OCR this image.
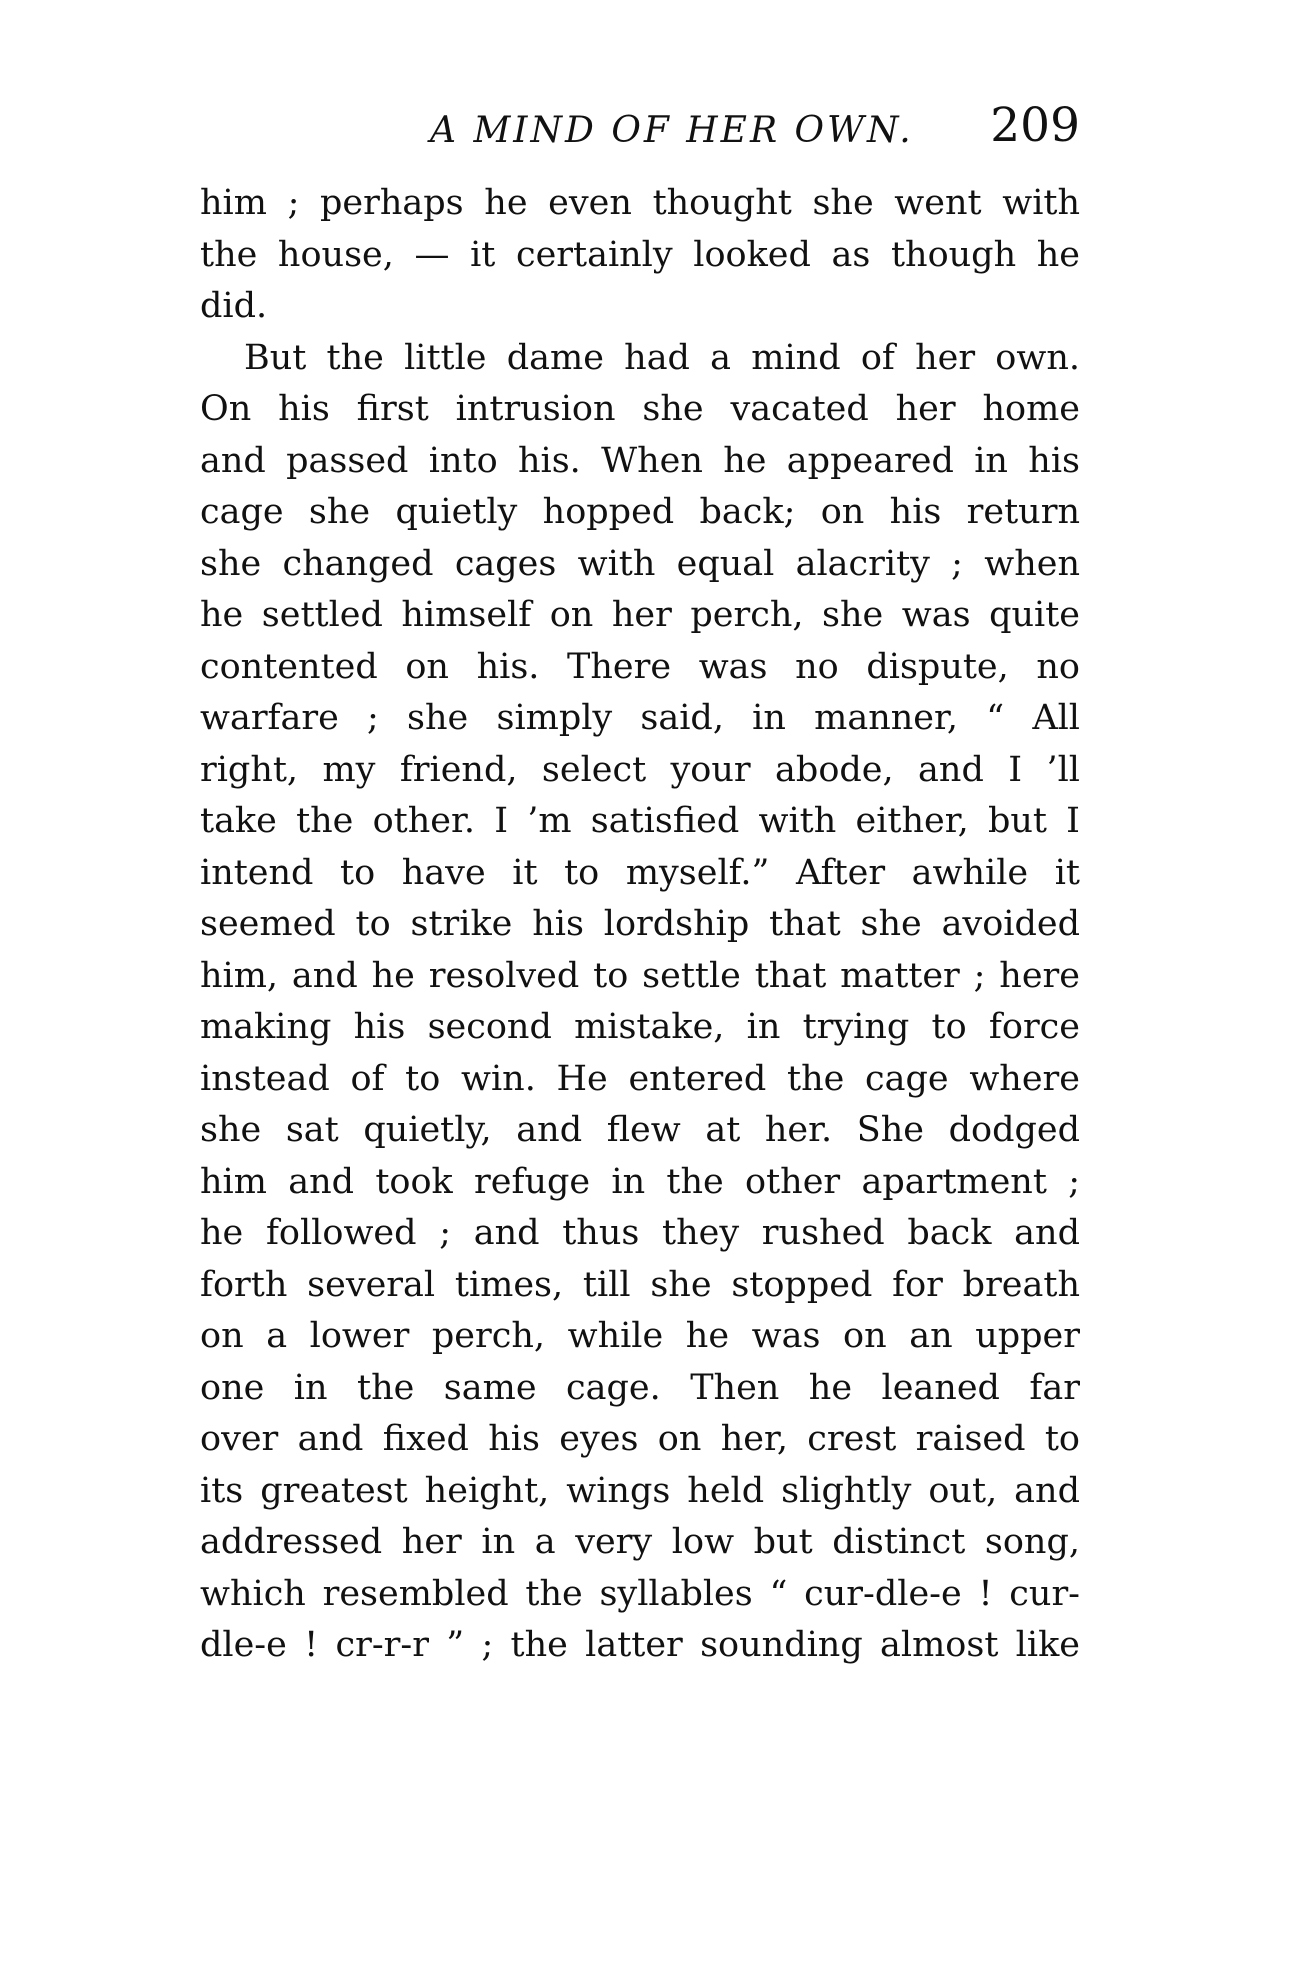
A MIND OF HER OWN. 209
him ; perhaps he even thought she went with
the house, — it certainly looked as though he
did.
But the little dame had a mind of her own.
On his first intrusion she vacated her home
and passed into his. When he appeared in his
cage she quietly hopped back; on his return
she changed cages with equal alacrity ; when
he settled himself on her perch, she was quite
contented on his. There was no dispute, no
warfare ; she simply said, in manner, “ All
right, my friend, select your abode, and I ’ll
take the other. I ’m satisfied with either, but I
intend to have it to myself.” After awhile it
seemed to strike his lordship that she avoided
him, and he resolved to settle that matter ; here
making his second mistake, in trying to force
instead of to win. He entered the cage where
she sat quietly, and flew at her. She dodged
him and took refuge in the other apartment ;
he followed ; and thus they rushed back and
forth several times, till she stopped for breath
on a lower perch, while he was on an upper
one in the same cage. Then he leaned far
over and fixed his eyes on her, crest raised to
its greatest height, wings held slightly out, and
addressed her in a very low but distinct song,
which resembled the syllables “ cur-dle-e ! cur-
dle-e ! cr-r-r ” ; the latter sounding almost like
